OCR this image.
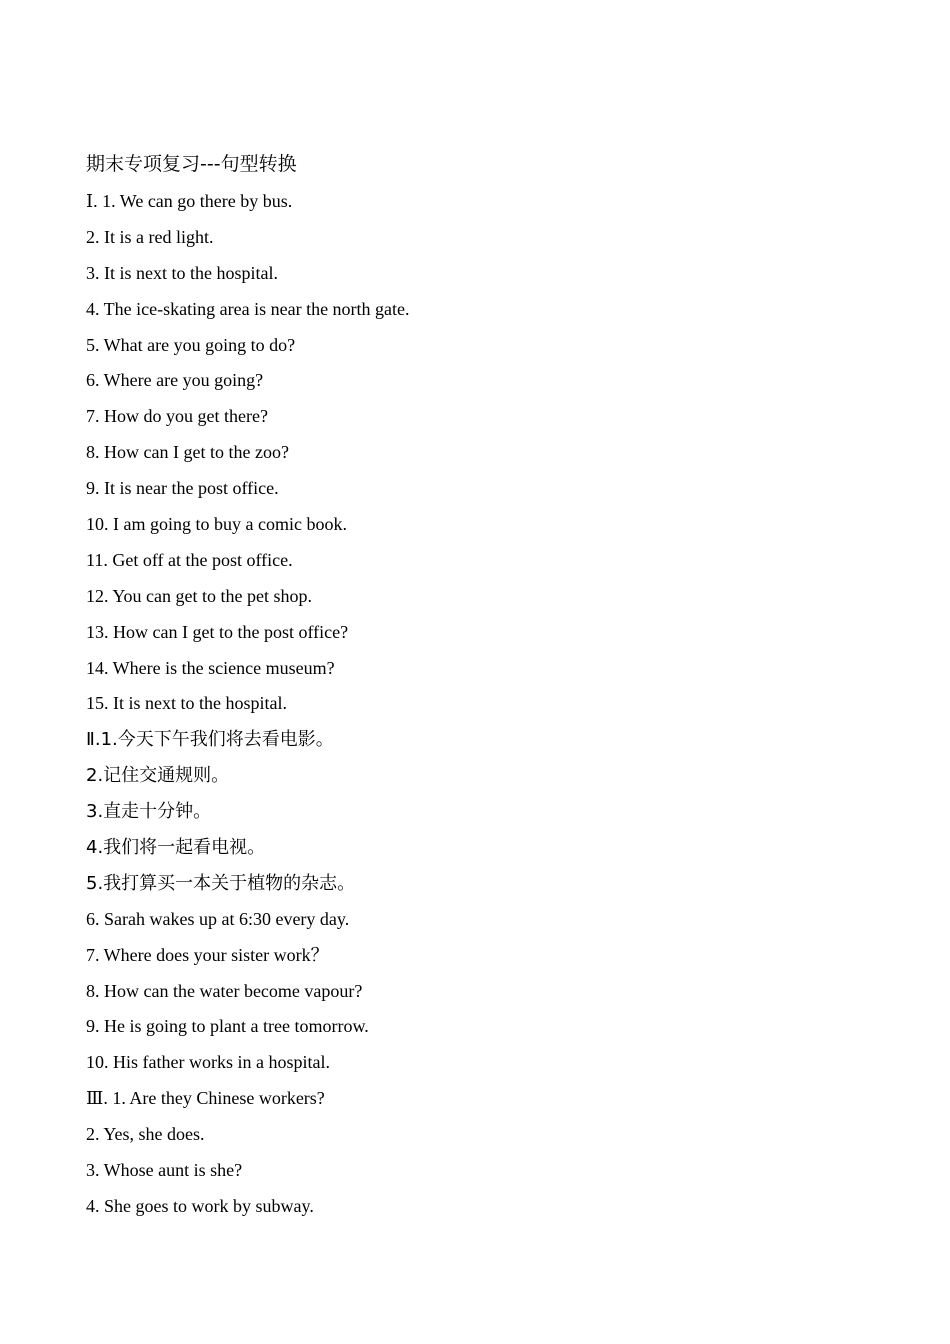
期末专项复习---句型转换
Ⅰ. 1. We can go there by bus.
2. It is a red light.
3. It is next to the hospital.
4. The ice-skating area is near the north gate.
5. What are you going to do?
6. Where are you going?
7. How do you get there?
8. How can I get to the zoo?
9. It is near the post office.
10. I am going to buy a comic book.
11. Get off at the post office.
12. You can get to the pet shop.
13. How can I get to the post office?
14. Where is the science museum?
15. It is next to the hospital.
Ⅱ.1.今天下午我们将去看电影。
2.记住交通规则。
3.直走十分钟。
4.我们将一起看电视。
5.我打算买一本关于植物的杂志。
6. Sarah wakes up at 6:30 every day.
7. Where does your sister work？
8. How can the water become vapour?
9. He is going to plant a tree tomorrow.
10. His father works in a hospital.
Ⅲ. 1. Are they Chinese workers?
2. Yes, she does.
3. Whose aunt is she?
4. She goes to work by subway.
